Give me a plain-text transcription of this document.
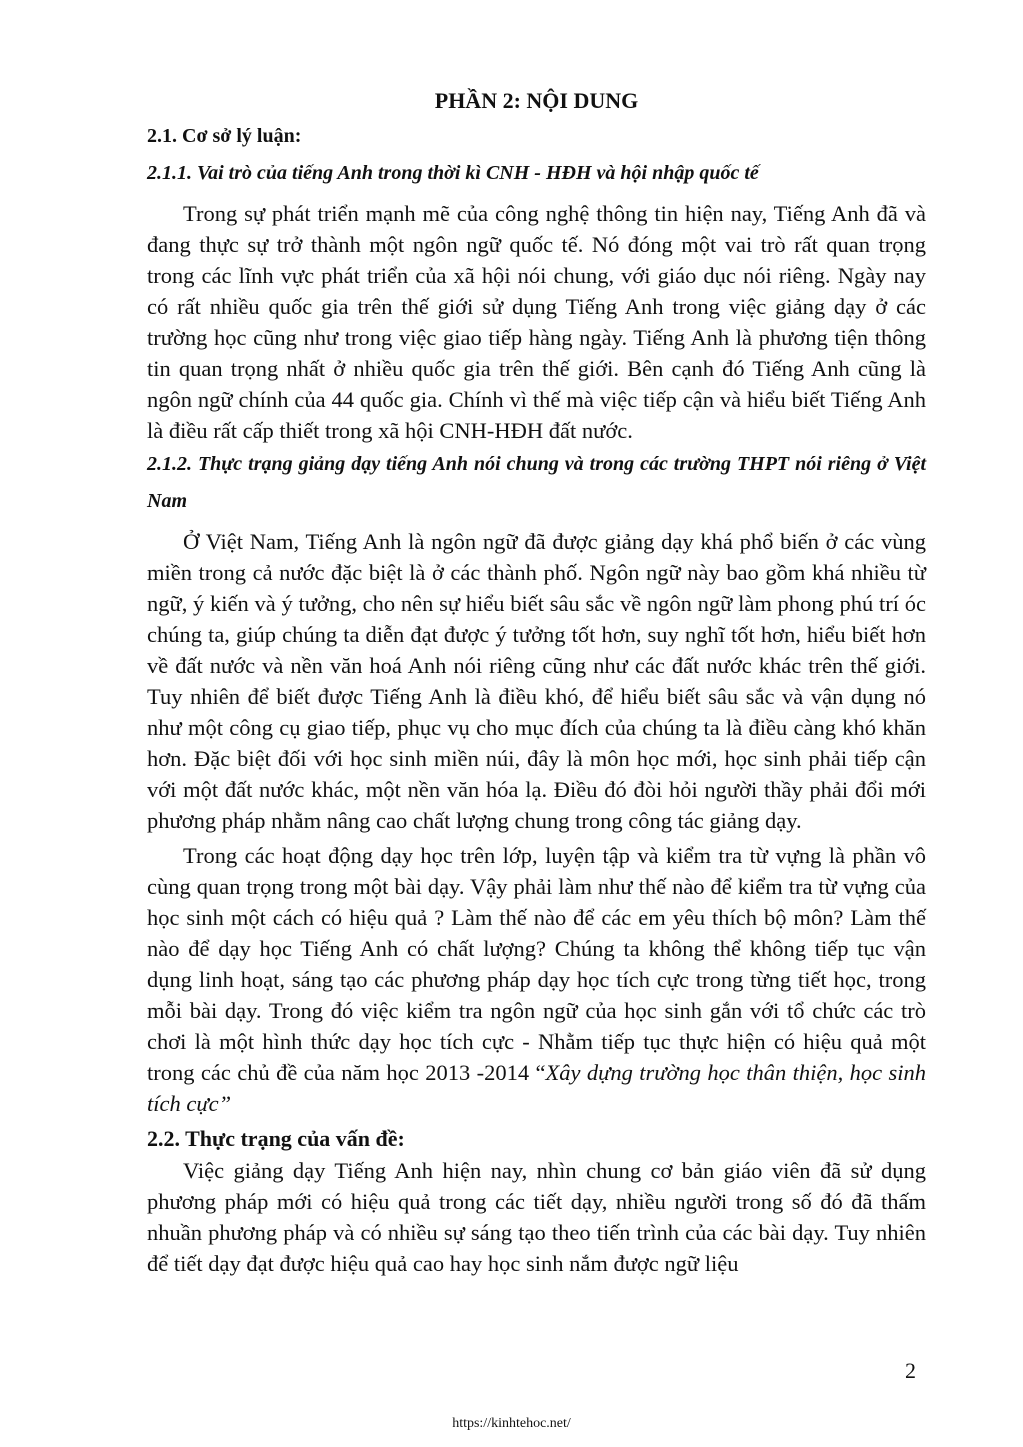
PHẦN 2: NỘI DUNG
2.1. Cơ sở lý luận:
2.1.1. Vai trò của tiếng Anh trong thời kì CNH - HĐH và hội nhập quốc tế

Trong sự phát triển mạnh mẽ của công nghệ thông tin hiện nay, Tiếng Anh đã và đang thực sự trở thành một ngôn ngữ quốc tế. Nó đóng một vai trò rất quan trọng trong các lĩnh vực phát triển của xã hội nói chung, với giáo dục nói riêng. Ngày nay có rất nhiều quốc gia trên thế giới sử dụng Tiếng Anh trong việc giảng dạy ở các trường học cũng như trong việc giao tiếp hàng ngày. Tiếng Anh là phương tiện thông tin quan trọng nhất ở nhiều quốc gia trên thế giới. Bên cạnh đó Tiếng Anh cũng là ngôn ngữ chính của 44 quốc gia. Chính vì thế mà việc tiếp cận và hiểu biết Tiếng Anh là điều rất cấp thiết trong xã hội CNH-HĐH đất nước.

2.1.2. Thực trạng giảng dạy tiếng Anh nói chung và trong các trường THPT nói riêng ở Việt Nam

Ở Việt Nam, Tiếng Anh là ngôn ngữ đã được giảng dạy khá phổ biến ở các vùng miền trong cả nước đặc biệt là ở các thành phố. Ngôn ngữ này bao gồm khá nhiều từ ngữ, ý kiến và ý tưởng, cho nên sự hiểu biết sâu sắc về ngôn ngữ làm phong phú trí óc chúng ta, giúp chúng ta diễn đạt được ý tưởng tốt hơn, suy nghĩ tốt hơn, hiểu biết hơn về đất nước và nền văn hoá Anh nói riêng cũng như các đất nước khác trên thế giới. Tuy nhiên để biết được Tiếng Anh là điều khó, để hiểu biết sâu sắc và vận dụng nó như một công cụ giao tiếp, phục vụ cho mục đích của chúng ta là điều càng khó khăn hơn. Đặc biệt đối với học sinh miền núi, đây là môn học mới, học sinh phải tiếp cận với một đất nước khác, một nền văn hóa lạ. Điều đó đòi hỏi người thầy phải đổi mới phương pháp nhằm nâng cao chất lượng chung trong công tác giảng dạy.

Trong các hoạt động dạy học trên lớp, luyện tập và kiểm tra từ vựng là phần vô cùng quan trọng trong một bài dạy. Vậy phải làm như thế nào để kiểm tra từ vựng của học sinh một cách có hiệu quả ? Làm thế nào để các em yêu thích bộ môn? Làm thế nào để dạy học Tiếng Anh có chất lượng? Chúng ta không thể không tiếp tục vận dụng linh hoạt, sáng tạo các phương pháp dạy học tích cực trong từng tiết học, trong mỗi bài dạy. Trong đó việc kiểm tra ngôn ngữ của học sinh gắn với tổ chức các trò chơi là một hình thức dạy học tích cực - Nhằm tiếp tục thực hiện có hiệu quả một trong các chủ đề của năm học 2013 -2014 “Xây dựng trường học thân thiện, học sinh tích cực”

2.2. Thực trạng của vấn đề:

Việc giảng dạy Tiếng Anh hiện nay, nhìn chung cơ bản giáo viên đã sử dụng phương pháp mới có hiệu quả trong các tiết dạy, nhiều người trong số đó đã thấm nhuần phương pháp và có nhiều sự sáng tạo theo tiến trình của các bài dạy. Tuy nhiên để tiết dạy đạt được hiệu quả cao hay học sinh nắm được ngữ liệu

2
https://kinhtehoc.net/
